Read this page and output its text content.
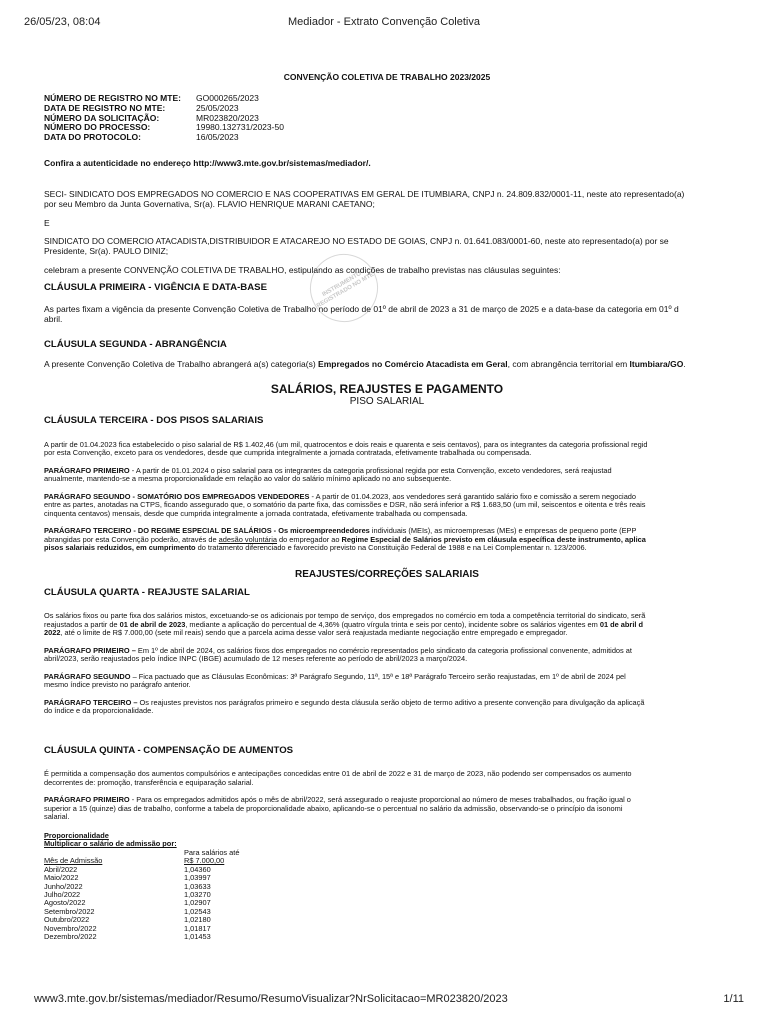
26/05/23, 08:04	Mediador - Extrato Convenção Coletiva
INSTRUMENTO REGISTRADO NO MTE
CONVENÇÃO COLETIVA DE TRABALHO 2023/2025
NÚMERO DE REGISTRO NO MTE:	GO000265/2023
DATA DE REGISTRO NO MTE:	25/05/2023
NÚMERO DA SOLICITAÇÃO:	MR023820/2023
NÚMERO DO PROCESSO:	19980.132731/2023-50
DATA DO PROTOCOLO:	16/05/2023
Confira a autenticidade no endereço http://www3.mte.gov.br/sistemas/mediador/.
SECI- SINDICATO DOS EMPREGADOS NO COMERCIO E NAS COOPERATIVAS EM GERAL DE ITUMBIARA, CNPJ n. 24.809.832/0001-11, neste ato representado(a)
por seu Membro da Junta Governativa, Sr(a). FLAVIO HENRIQUE MARANI CAETANO;
E
SINDICATO DO COMERCIO ATACADISTA,DISTRIBUIDOR E ATACAREJO NO ESTADO DE GOIAS, CNPJ n. 01.641.083/0001-60, neste ato representado(a) por se
Presidente, Sr(a). PAULO DINIZ;
celebram a presente CONVENÇÃO COLETIVA DE TRABALHO, estipulando as condições de trabalho previstas nas cláusulas seguintes:
CLÁUSULA PRIMEIRA - VIGÊNCIA E DATA-BASE
As partes fixam a vigência da presente Convenção Coletiva de Trabalho no período de 01º de abril de 2023 a 31 de março de 2025 e a data-base da categoria em 01º d
abril.
CLÁUSULA SEGUNDA - ABRANGÊNCIA
A presente Convenção Coletiva de Trabalho abrangerá a(s) categoria(s) Empregados no Comércio Atacadista em Geral, com abrangência territorial em Itumbiara/GO.
SALÁRIOS, REAJUSTES E PAGAMENTO
PISO SALARIAL
CLÁUSULA TERCEIRA - DOS PISOS SALARIAIS
A partir de 01.04.2023 fica estabelecido o piso salarial de R$ 1.402,46 (um mil, quatrocentos e dois reais e quarenta e seis centavos), para os integrantes da categoria profissional regid
por esta Convenção, exceto para os vendedores, desde que cumprida integralmente a jornada contratada, efetivamente trabalhada ou compensada.
PARÁGRAFO PRIMEIRO - A partir de 01.01.2024 o piso salarial para os integrantes da categoria profissional regida por esta Convenção, exceto vendedores, será reajustad
anualmente, mantendo-se a mesma proporcionalidade em relação ao valor do salário mínimo aplicado no ano subsequente.
PARÁGRAFO SEGUNDO - SOMATÓRIO DOS EMPREGADOS VENDEDORES - A partir de 01.04.2023, aos vendedores será garantido salário fixo e comissão a serem negociado
entre as partes, anotadas na CTPS, ficando assegurado que, o somatório da parte fixa, das comissões e DSR, não será inferior a R$ 1.683,50 (um mil, seiscentos e oitenta e três reais
cinquenta centavos) mensais, desde que cumprida integralmente a jornada contratada, efetivamente trabalhada ou compensada.
PARÁGRAFO TERCEIRO - DO REGIME ESPECIAL DE SALÁRIOS - Os microempreendedores individuais (MEIs), as microempresas (MEs) e empresas de pequeno porte (EPP
abrangidas por esta Convenção poderão, através de adesão voluntária do empregador ao Regime Especial de Salários previsto em cláusula específica deste instrumento, aplica
pisos salariais reduzidos, em cumprimento do tratamento diferenciado e favorecido previsto na Constituição Federal de 1988 e na Lei Complementar n. 123/2006.
REAJUSTES/CORREÇÕES SALARIAIS
CLÁUSULA QUARTA - REAJUSTE SALARIAL
Os salários fixos ou parte fixa dos salários mistos, excetuando-se os adicionais por tempo de serviço, dos empregados no comércio em toda a competência territorial do sindicato, serã
reajustados a partir de 01 de abril de 2023, mediante a aplicação do percentual de 4,36% (quatro vírgula trinta e seis por cento), incidente sobre os salários vigentes em 01 de abril d
2022, até o limite de R$ 7.000,00 (sete mil reais) sendo que a parcela acima desse valor será reajustada mediante negociação entre empregado e empregador.
PARÁGRAFO PRIMEIRO – Em 1º de abril de 2024, os salários fixos dos empregados no comércio representados pelo sindicato da categoria profissional convenente, admitidos at
abril/2023, serão reajustados pelo índice INPC (IBGE) acumulado de 12 meses referente ao período de abril/2023 a março/2024.
PARÁGRAFO SEGUNDO – Fica pactuado que as Cláusulas Econômicas: 3ª Parágrafo Segundo, 11ª, 15ª e 18ª Parágrafo Terceiro serão reajustadas, em 1º de abril de 2024 pel
mesmo índice previsto no parágrafo anterior.
PARÁGRAFO TERCEIRO – Os reajustes previstos nos parágrafos primeiro e segundo desta cláusula serão objeto de termo aditivo a presente convenção para divulgação da aplicaçã
do índice e da proporcionalidade.
CLÁUSULA QUINTA - COMPENSAÇÃO DE AUMENTOS
É permitida a compensação dos aumentos compulsórios e antecipações concedidas entre 01 de abril de 2022 e 31 de março de 2023, não podendo ser compensados os aumento
decorrentes de: promoção, transferência e equiparação salarial.
PARÁGRAFO PRIMEIRO - Para os empregados admitidos após o mês de abril/2022, será assegurado o reajuste proporcional ao número de meses trabalhados, ou fração igual o
superior a 15 (quinze) dias de trabalho, conforme a tabela de proporcionalidade abaixo, aplicando-se o percentual no salário da admissão, observando-se o princípio da isonomi
salarial.
Proporcionalidade
Multiplicar o salário de admissão por:
Mês de Admissão	Para salários até
R$ 7.000,00

Abril/2022	1,04360
Maio/2022	1,03997
Junho/2022	1,03633
Julho/2022	1,03270
Agosto/2022	1,02907
Setembro/2022	1,02543
Outubro/2022	1,02180
Novembro/2022	1,01817
Dezembro/2022	1,01453
www3.mte.gov.br/sistemas/mediador/Resumo/ResumoVisualizar?NrSolicitacao=MR023820/2023	1/11
